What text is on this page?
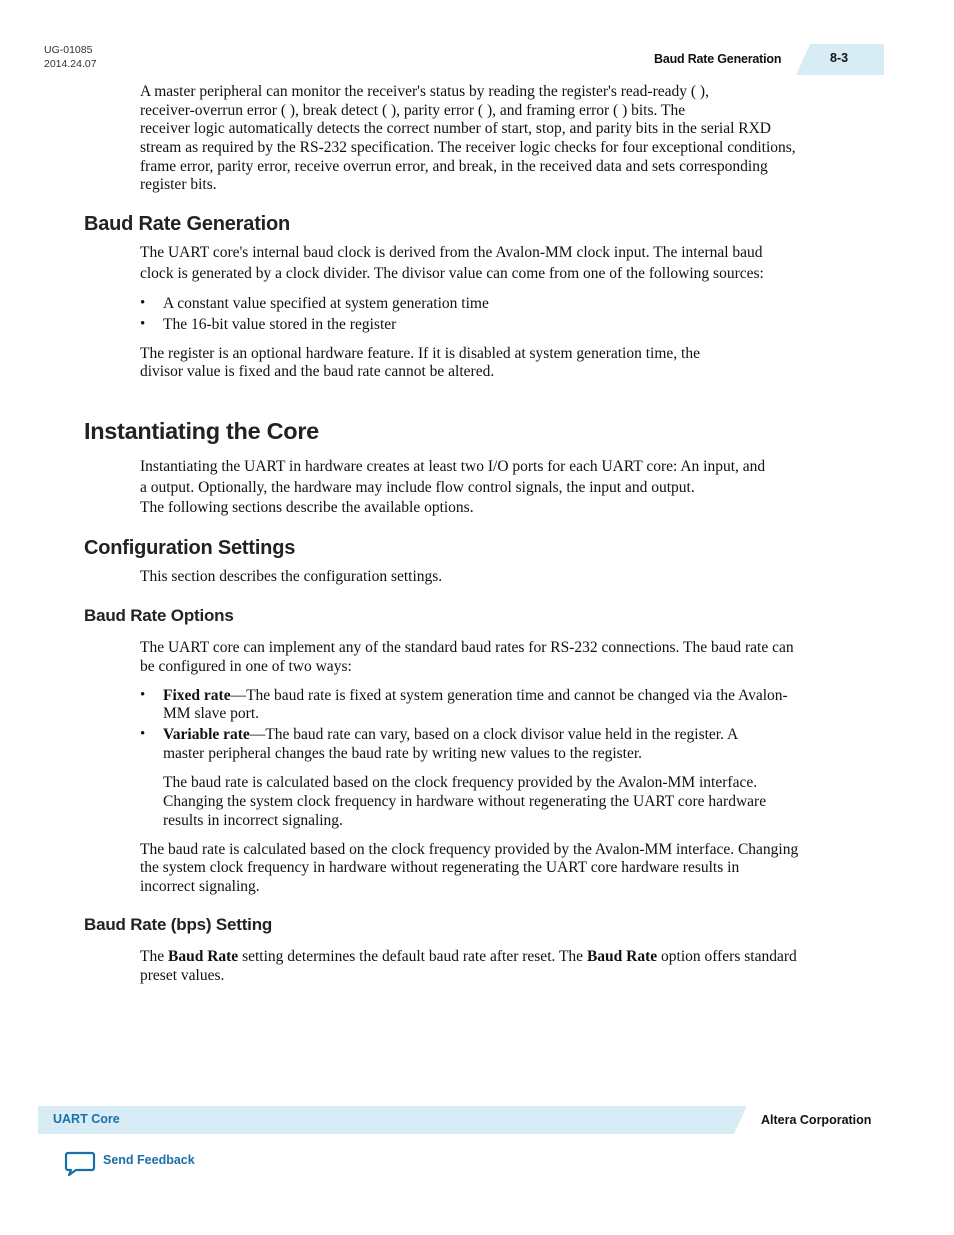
UG-01085
2014.24.07	Baud Rate Generation	8-3
A master peripheral can monitor the receiver's status by reading the register's read-ready ( ),
receiver-overrun error ( ), break detect ( ), parity error ( ), and framing error ( ) bits. The
receiver logic automatically detects the correct number of start, stop, and parity bits in the serial RXD
stream as required by the RS-232 specification. The receiver logic checks for four exceptional conditions,
frame error, parity error, receive overrun error, and break, in the received data and sets corresponding
register bits.
Baud Rate Generation
The UART core's internal baud clock is derived from the Avalon-MM clock input. The internal baud
clock is generated by a clock divider. The divisor value can come from one of the following sources:
• A constant value specified at system generation time
• The 16-bit value stored in the register
The register is an optional hardware feature. If it is disabled at system generation time, the
divisor value is fixed and the baud rate cannot be altered.
Instantiating the Core
Instantiating the UART in hardware creates at least two I/O ports for each UART core: An input, and
a output. Optionally, the hardware may include flow control signals, the input and output.
The following sections describe the available options.
Configuration Settings
This section describes the configuration settings.
Baud Rate Options
The UART core can implement any of the standard baud rates for RS-232 connections. The baud rate can
be configured in one of two ways:
• Fixed rate—The baud rate is fixed at system generation time and cannot be changed via the Avalon-
MM slave port.
• Variable rate—The baud rate can vary, based on a clock divisor value held in the register. A
master peripheral changes the baud rate by writing new values to the register.
The baud rate is calculated based on the clock frequency provided by the Avalon-MM interface.
Changing the system clock frequency in hardware without regenerating the UART core hardware
results in incorrect signaling.
The baud rate is calculated based on the clock frequency provided by the Avalon-MM interface. Changing
the system clock frequency in hardware without regenerating the UART core hardware results in
incorrect signaling.
Baud Rate (bps) Setting
The Baud Rate setting determines the default baud rate after reset. The Baud Rate option offers standard
preset values.
UART Core	Altera Corporation
Send Feedback
